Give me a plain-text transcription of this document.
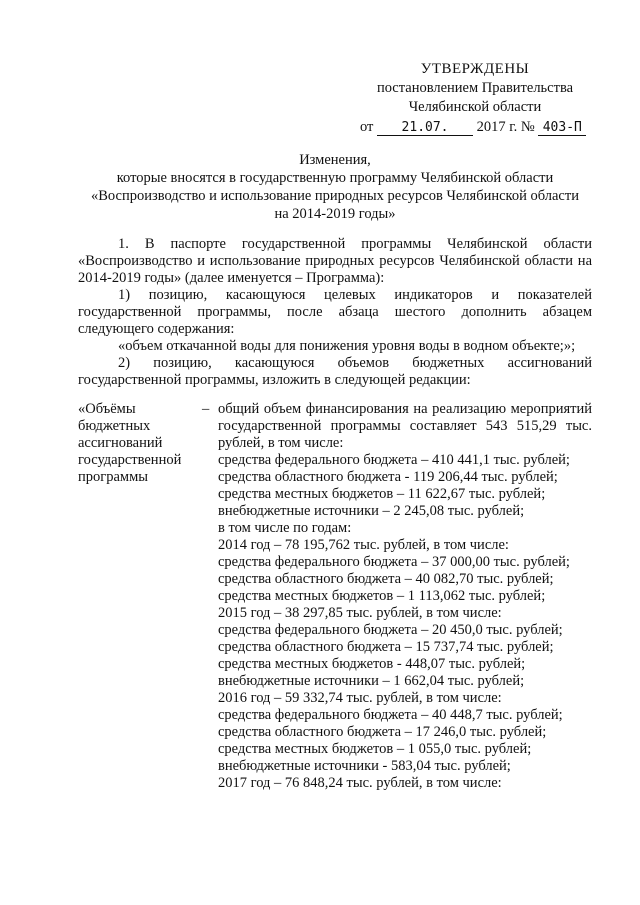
УТВЕРЖДЕНЫ
постановлением Правительства
Челябинской области
от 21.07. 2017 г. № 403-П
Изменения,
которые вносятся в государственную программу Челябинской области
«Воспроизводство и использование природных ресурсов Челябинской области
на 2014-2019 годы»

1. В паспорте государственной программы Челябинской области «Воспроизводство и использование природных ресурсов Челябинской области на 2014-2019 годы» (далее именуется – Программа):

1) позицию, касающуюся целевых индикаторов и показателей государственной программы, после абзаца шестого дополнить абзацем следующего содержания:

«объем откачанной воды для понижения уровня воды в водном объекте;»;

2) позицию, касающуюся объемов бюджетных ассигнований государственной программы, изложить в следующей редакции:

«Объёмы бюджетных ассигнований государственной программы
– общий объем финансирования на реализацию мероприятий государственной программы составляет 543 515,29 тыс. рублей, в том числе:

средства федерального бюджета – 410 441,1 тыс. рублей;

средства областного бюджета - 119 206,44 тыс. рублей;

средства местных бюджетов – 11 622,67 тыс. рублей;

внебюджетные источники – 2 245,08 тыс. рублей;

в том числе по годам:

2014 год – 78 195,762 тыс. рублей, в том числе:

средства федерального бюджета – 37 000,00 тыс. рублей;

средства областного бюджета – 40 082,70 тыс. рублей;

средства местных бюджетов – 1 113,062 тыс. рублей;

2015 год – 38 297,85 тыс. рублей, в том числе:

средства федерального бюджета – 20 450,0 тыс. рублей;

средства областного бюджета – 15 737,74 тыс. рублей;

средства местных бюджетов - 448,07 тыс. рублей;

внебюджетные источники – 1 662,04 тыс. рублей;

2016 год – 59 332,74 тыс. рублей, в том числе:

средства федерального бюджета – 40 448,7 тыс. рублей;

средства областного бюджета – 17 246,0 тыс. рублей;

средства местных бюджетов – 1 055,0 тыс. рублей;

внебюджетные источники - 583,04 тыс. рублей;

2017 год – 76 848,24 тыс. рублей, в том числе:
